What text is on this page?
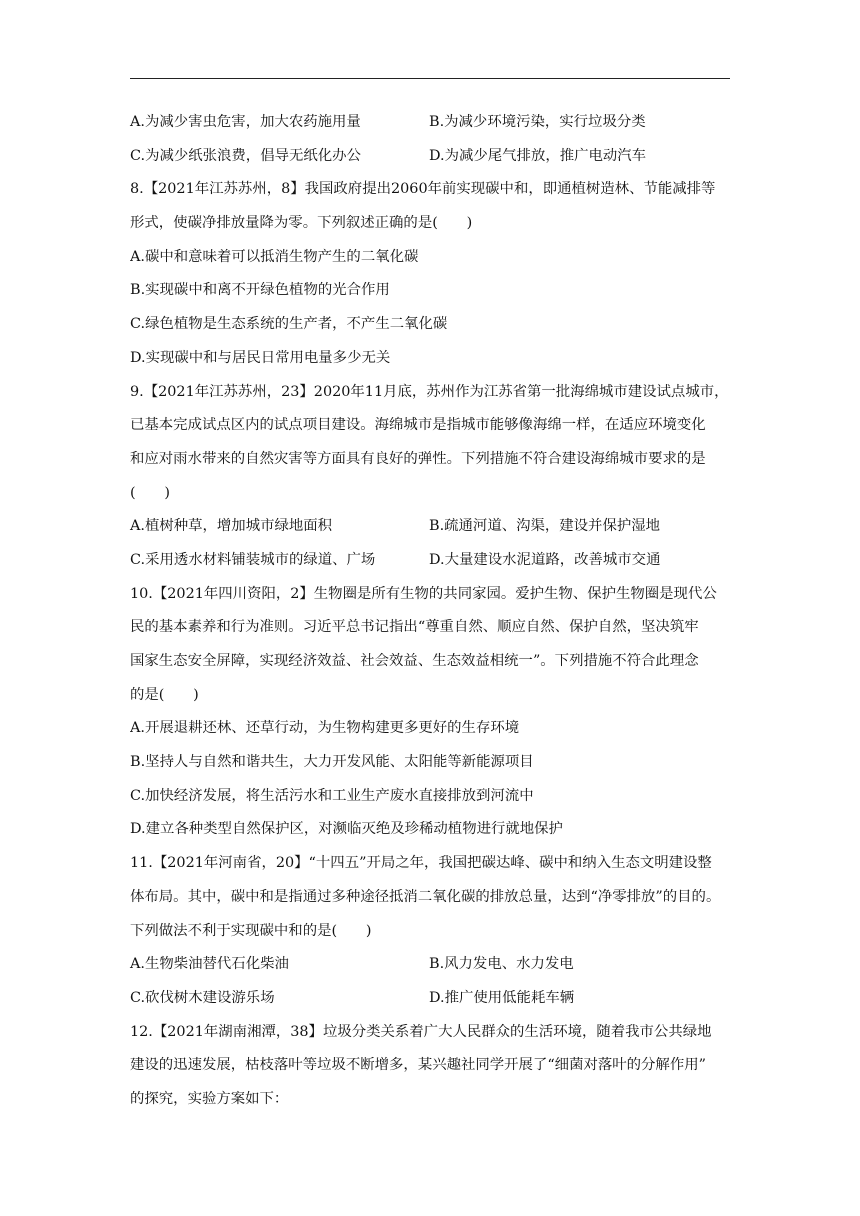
A.为减少害虫危害，加大农药施用量	B.为减少环境污染，实行垃圾分类
C.为减少纸张浪费，倡导无纸化办公	D.为减少尾气排放，推广电动汽车
8.【2021年江苏苏州，8】我国政府提出2060年前实现碳中和，即通植树造林、节能减排等
形式，使碳净排放量降为零。下列叙述正确的是(　　)
A.碳中和意味着可以抵消生物产生的二氧化碳
B.实现碳中和离不开绿色植物的光合作用
C.绿色植物是生态系统的生产者，不产生二氧化碳
D.实现碳中和与居民日常用电量多少无关
9.【2021年江苏苏州，23】2020年11月底，苏州作为江苏省第一批海绵城市建设试点城市，
已基本完成试点区内的试点项目建设。海绵城市是指城市能够像海绵一样，在适应环境变化
和应对雨水带来的自然灾害等方面具有良好的弹性。下列措施不符合建设海绵城市要求的是
(　　)
A.植树种草，增加城市绿地面积	B.疏通河道、沟渠，建设并保护湿地
C.采用透水材料铺装城市的绿道、广场	D.大量建设水泥道路，改善城市交通
10.【2021年四川资阳，2】生物圈是所有生物的共同家园。爱护生物、保护生物圈是现代公
民的基本素养和行为准则。习近平总书记指出“尊重自然、顺应自然、保护自然，坚决筑牢
国家生态安全屏障，实现经济效益、社会效益、生态效益相统一”。下列措施不符合此理念
的是(　　)
A.开展退耕还林、还草行动，为生物构建更多更好的生存环境
B.坚持人与自然和谐共生，大力开发风能、太阳能等新能源项目
C.加快经济发展，将生活污水和工业生产废水直接排放到河流中
D.建立各种类型自然保护区，对濒临灭绝及珍稀动植物进行就地保护
11.【2021年河南省，20】“十四五”开局之年，我国把碳达峰、碳中和纳入生态文明建设整
体布局。其中，碳中和是指通过多种途径抵消二氧化碳的排放总量，达到“净零排放”的目的。
下列做法不利于实现碳中和的是(　　)
A.生物柴油替代石化柴油	B.风力发电、水力发电
C.砍伐树木建设游乐场	D.推广使用低能耗车辆
12.【2021年湖南湘潭，38】垃圾分类关系着广大人民群众的生活环境，随着我市公共绿地
建设的迅速发展，枯枝落叶等垃圾不断增多，某兴趣社同学开展了“细菌对落叶的分解作用”
的探究，实验方案如下：
